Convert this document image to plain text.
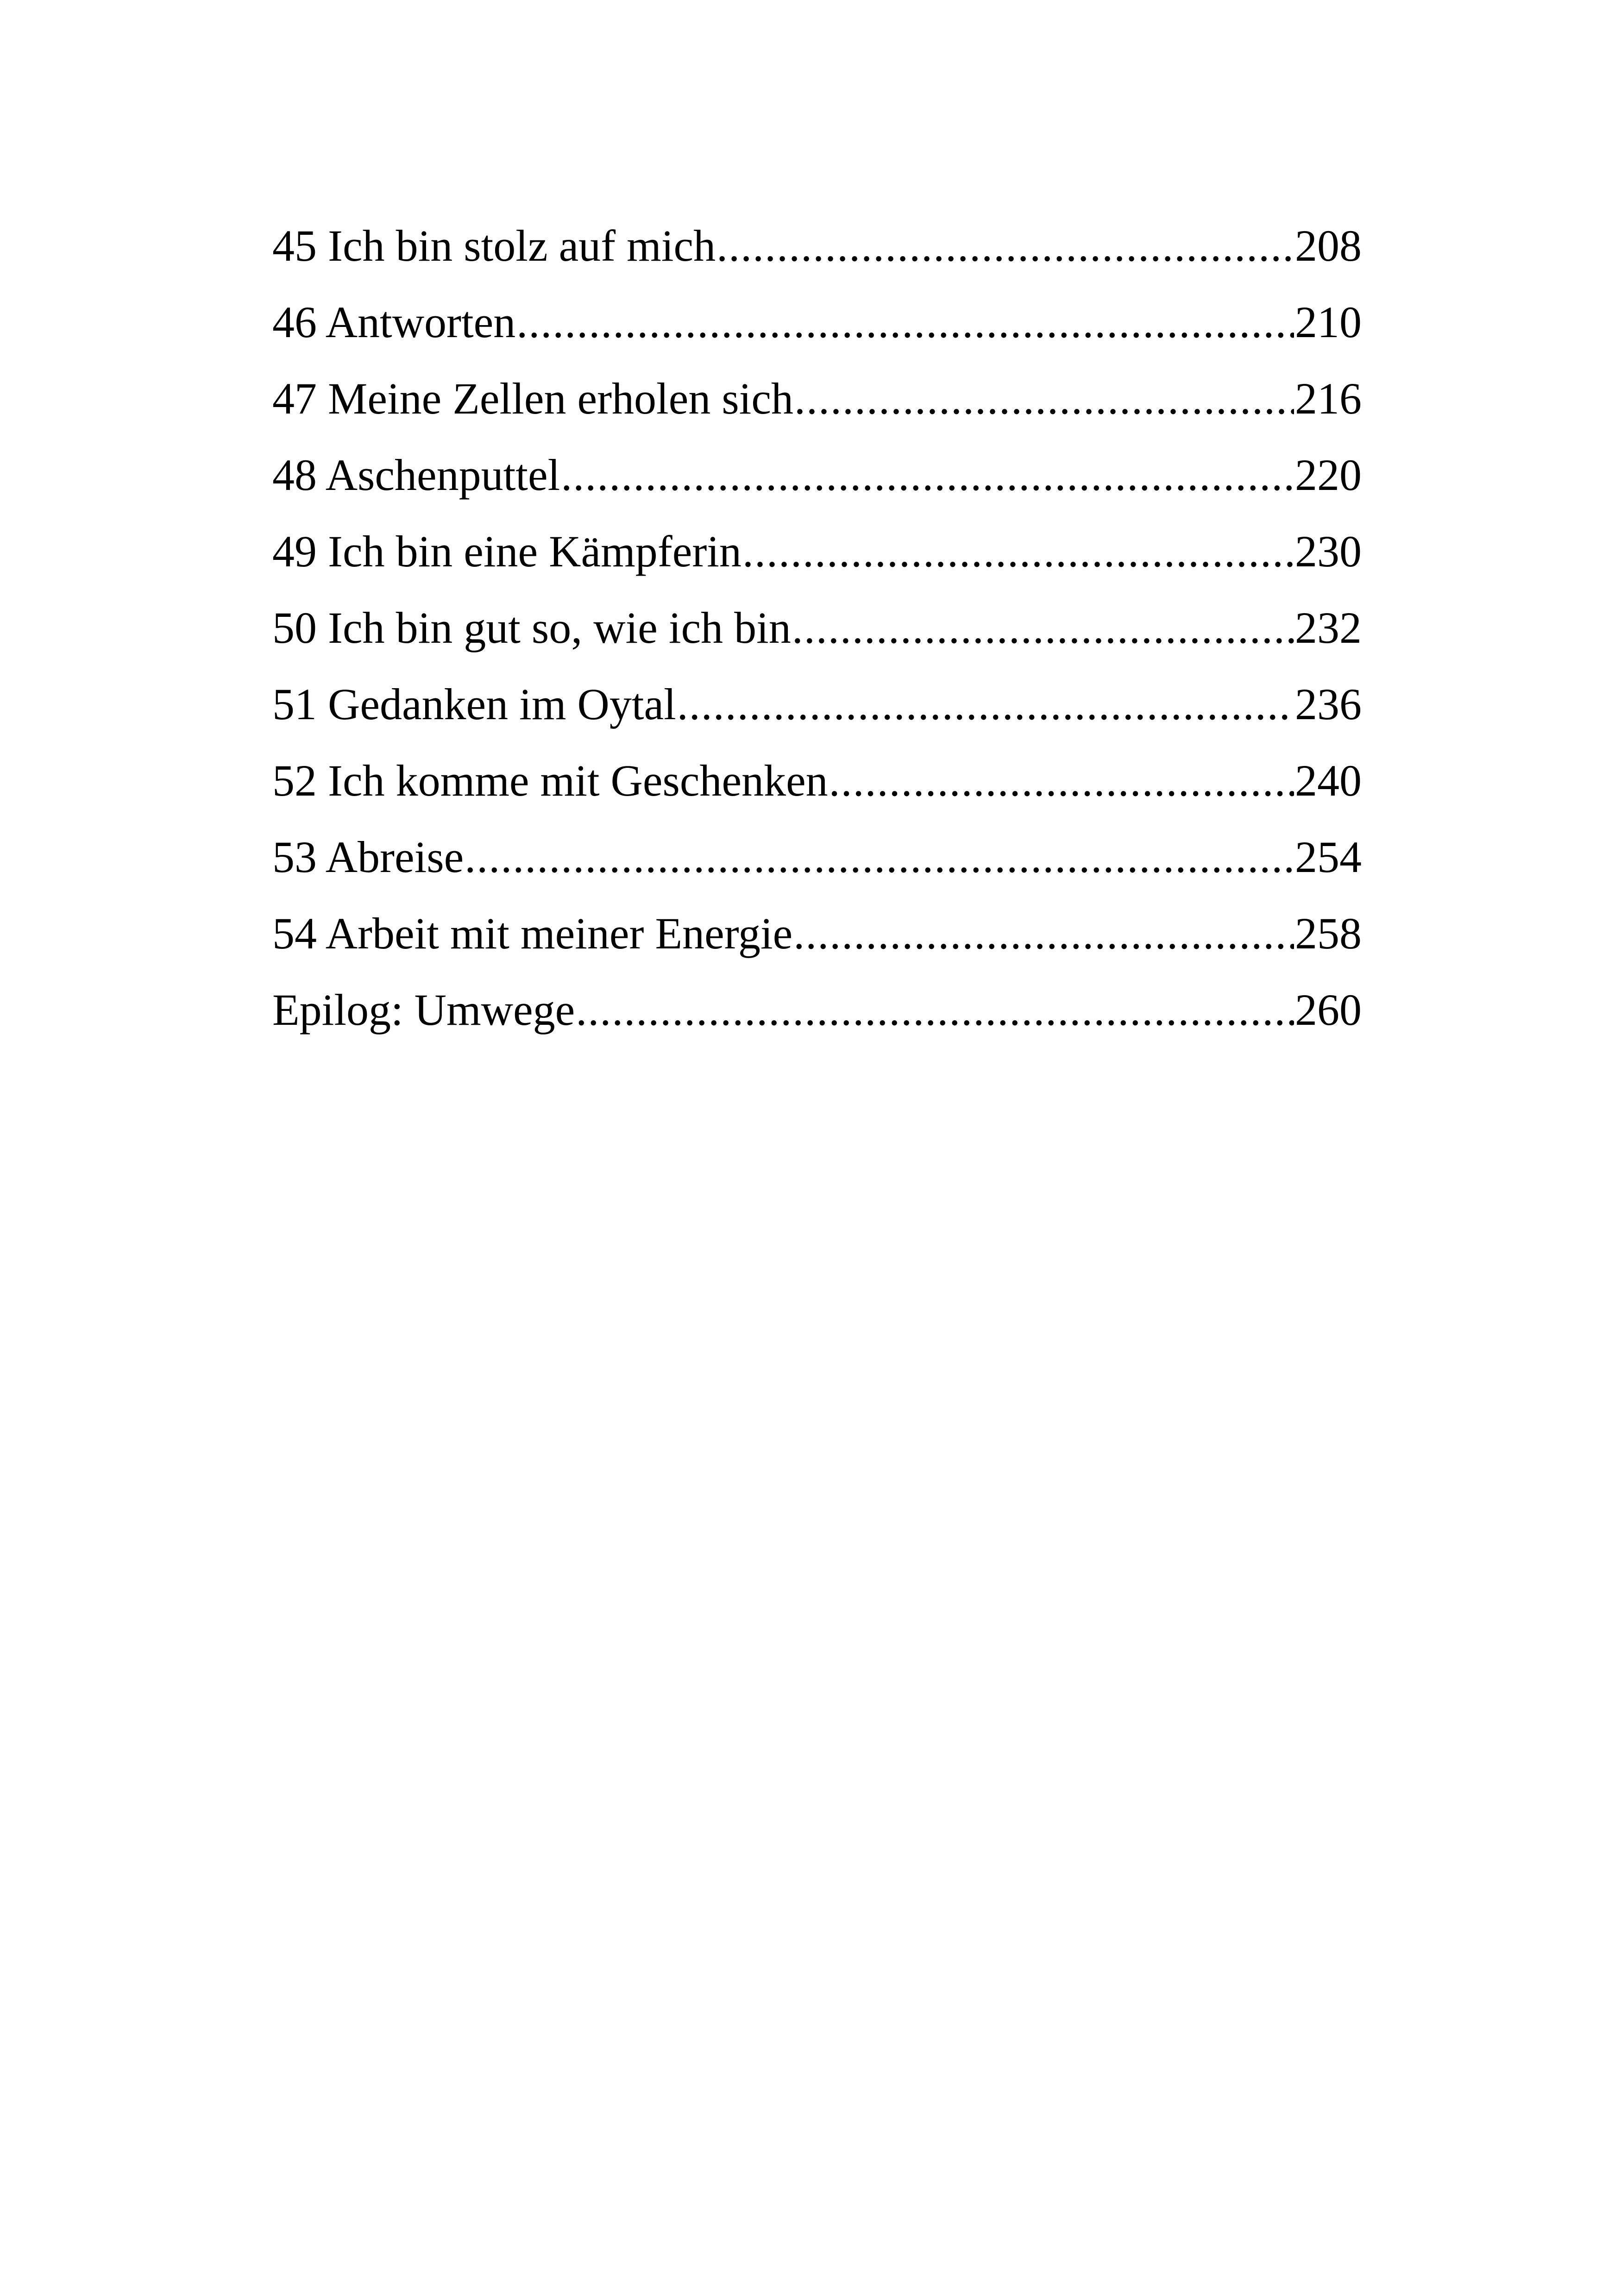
45 Ich bin stolz auf mich .....	208
46 Antworten .....	210
47 Meine Zellen erholen sich .....	216
48 Aschenputtel .....	220
49 Ich bin eine Kämpferin .....	230
50 Ich bin gut so, wie ich bin .....	232
51 Gedanken im Oytal .....	236
52 Ich komme mit Geschenken .....	240
53 Abreise .....	254
54 Arbeit mit meiner Energie .....	258
Epilog: Umwege .....	260
